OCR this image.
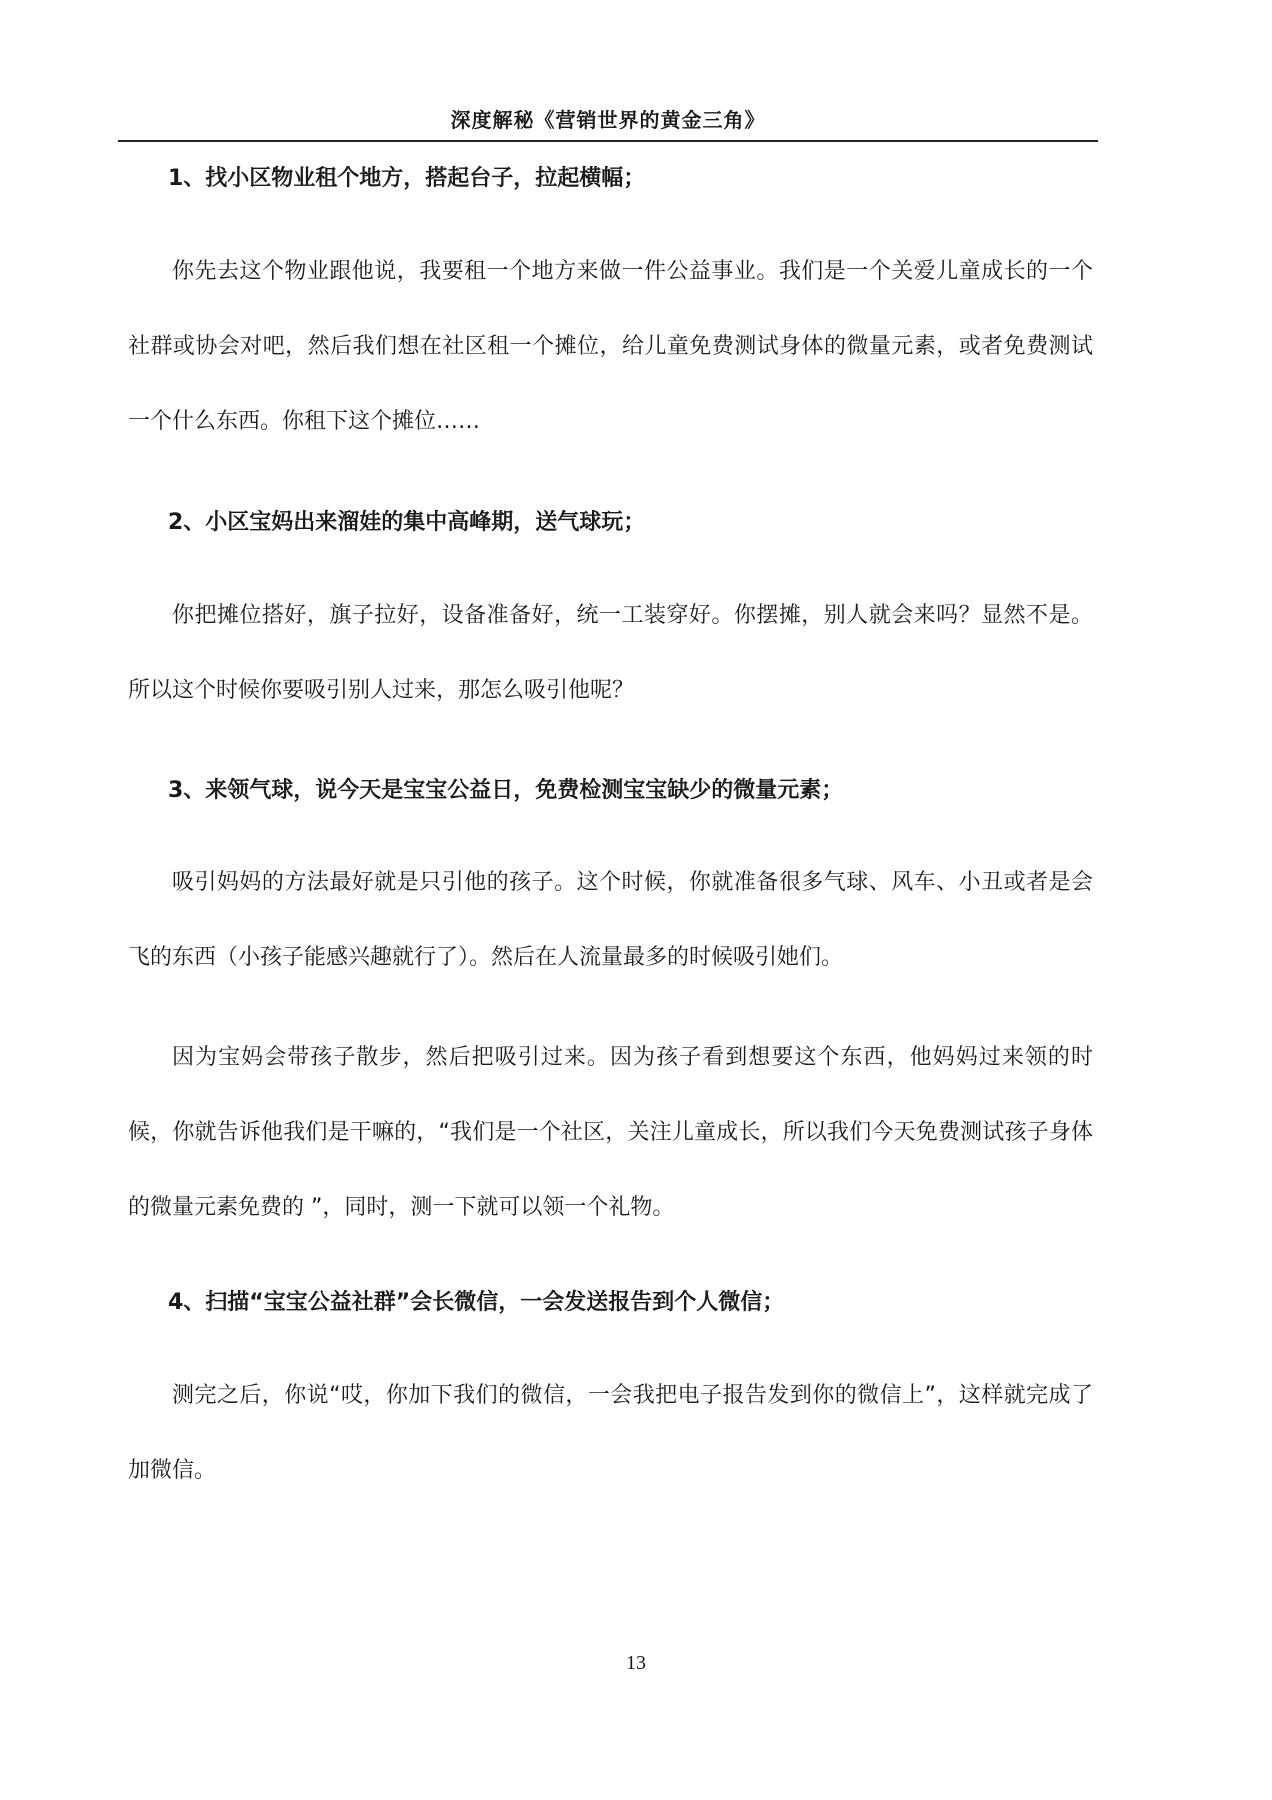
深度解秘《营销世界的黄金三角》
1、找小区物业租个地方，搭起台子，拉起横幅；

你先去这个物业跟他说，我要租一个地方来做一件公益事业。我们是一个关爱儿童成长的一个社群或协会对吧，然后我们想在社区租一个摊位，给儿童免费测试身体的微量元素，或者免费测试一个什么东西。你租下这个摊位……

2、小区宝妈出来溜娃的集中高峰期，送气球玩；

你把摊位搭好，旗子拉好，设备准备好，统一工装穿好。你摆摊，别人就会来吗？显然不是。所以这个时候你要吸引别人过来，那怎么吸引他呢？

3、来领气球，说今天是宝宝公益日，免费检测宝宝缺少的微量元素；

吸引妈妈的方法最好就是只引他的孩子。这个时候，你就准备很多气球、风车、小丑或者是会飞的东西（小孩子能感兴趣就行了）。然后在人流量最多的时候吸引她们。

因为宝妈会带孩子散步，然后把吸引过来。因为孩子看到想要这个东西，他妈妈过来领的时候，你就告诉他我们是干嘛的，“我们是一个社区，关注儿童成长，所以我们今天免费测试孩子身体的微量元素免费的 ”，同时，测一下就可以领一个礼物。

4、扫描“宝宝公益社群”会长微信，一会发送报告到个人微信；

测完之后，你说“哎，你加下我们的微信，一会我把电子报告发到你的微信上”，这样就完成了加微信。

13
